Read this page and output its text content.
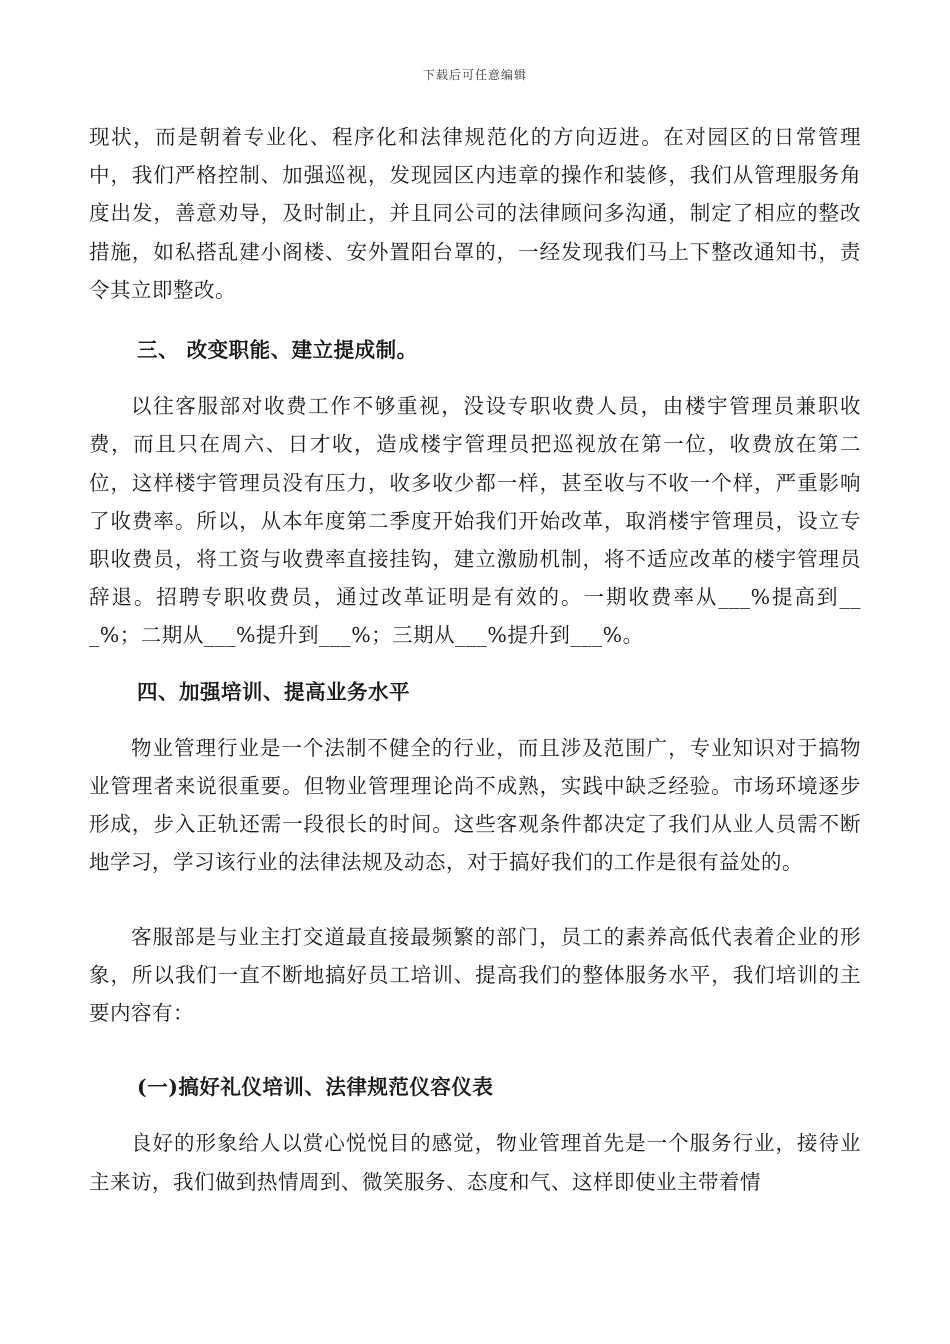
下载后可任意编辑

现状，而是朝着专业化、程序化和法律规范化的方向迈进。在对园区的日常管理中，我们严格控制、加强巡视，发现园区内违章的操作和装修，我们从管理服务角度出发，善意劝导，及时制止，并且同公司的法律顾问多沟通，制定了相应的整改措施，如私搭乱建小阁楼、安外置阳台罩的，一经发现我们马上下整改通知书，责令其立即整改。

三、 改变职能、建立提成制。

以往客服部对收费工作不够重视，没设专职收费人员，由楼宇管理员兼职收费，而且只在周六、日才收，造成楼宇管理员把巡视放在第一位，收费放在第二位，这样楼宇管理员没有压力，收多收少都一样，甚至收与不收一个样，严重影响了收费率。所以，从本年度第二季度开始我们开始改革，取消楼宇管理员，设立专职收费员，将工资与收费率直接挂钩，建立激励机制，将不适应改革的楼宇管理员辞退。招聘专职收费员，通过改革证明是有效的。一期收费率从___%提高到___%；二期从___%提升到___%；三期从___%提升到___%。

四、加强培训、提高业务水平

物业管理行业是一个法制不健全的行业，而且涉及范围广，专业知识对于搞物业管理者来说很重要。但物业管理理论尚不成熟，实践中缺乏经验。市场环境逐步形成，步入正轨还需一段很长的时间。这些客观条件都决定了我们从业人员需不断地学习，学习该行业的法律法规及动态，对于搞好我们的工作是很有益处的。

客服部是与业主打交道最直接最频繁的部门，员工的素养高低代表着企业的形象，所以我们一直不断地搞好员工培训、提高我们的整体服务水平，我们培训的主要内容有：

(一)搞好礼仪培训、法律规范仪容仪表

良好的形象给人以赏心悦悦目的感觉，物业管理首先是一个服务行业，接待业主来访，我们做到热情周到、微笑服务、态度和气、这样即使业主带着情
